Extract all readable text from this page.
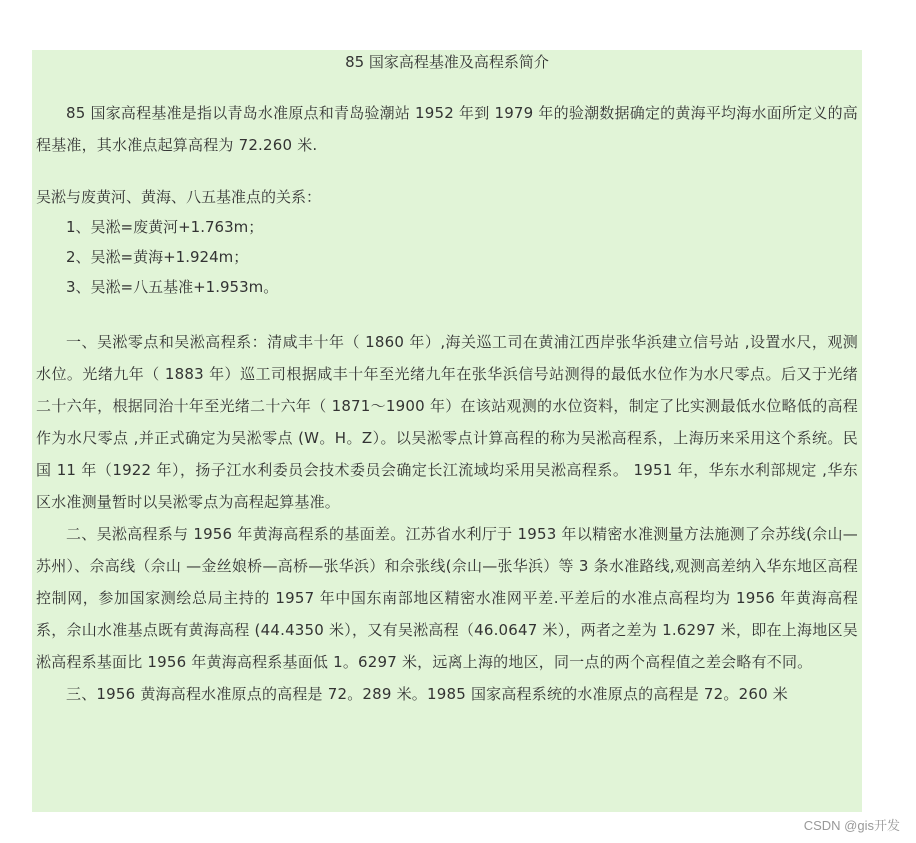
85 国家高程基准及高程系简介

85 国家高程基准是指以青岛水准原点和青岛验潮站 1952 年到 1979 年的验潮数据确定的黄海平均海水面所定义的高程基准，其水准点起算高程为 72.260 米.

吴淞与废黄河、黄海、八五基准点的关系：

1、吴淞=废黄河+1.763m；
2、吴淞=黄海+1.924m；
3、吴淞=八五基准+1.953m。

一、吴淞零点和吴淞高程系：清咸丰十年（ 1860 年）,海关巡工司在黄浦江西岸张华浜建立信号站 ,设置水尺，观测水位。光绪九年（ 1883 年）巡工司根据咸丰十年至光绪九年在张华浜信号站测得的最低水位作为水尺零点。后又于光绪二十六年，根据同治十年至光绪二十六年（ 1871～1900 年）在该站观测的水位资料，制定了比实测最低水位略低的高程作为水尺零点 ,并正式确定为吴淞零点 (W。H。Z）。以吴淞零点计算高程的称为吴淞高程系，上海历来采用这个系统。民国 11 年（1922 年），扬子江水利委员会技术委员会确定长江流域均采用吴淞高程系。 1951 年，华东水利部规定 ,华东区水准测量暂时以吴淞零点为高程起算基准。

二、吴淞高程系与 1956 年黄海高程系的基面差。江苏省水利厅于 1953 年以精密水准测量方法施测了佘苏线(佘山—苏州）、佘高线（佘山 —金丝娘桥—高桥—张华浜）和佘张线(佘山—张华浜）等 3 条水准路线,观测高差纳入华东地区高程控制网，参加国家测绘总局主持的 1957 年中国东南部地区精密水准网平差.平差后的水准点高程均为 1956 年黄海高程系，佘山水准基点既有黄海高程 (44.4350 米），又有吴淞高程（46.0647 米），两者之差为 1.6297 米，即在上海地区吴淞高程系基面比 1956 年黄海高程系基面低 1。6297 米，远离上海的地区，同一点的两个高程值之差会略有不同。

三、1956 黄海高程水准原点的高程是 72。289 米。1985 国家高程系统的水准原点的高程是 72。260 米

CSDN @gis开发
